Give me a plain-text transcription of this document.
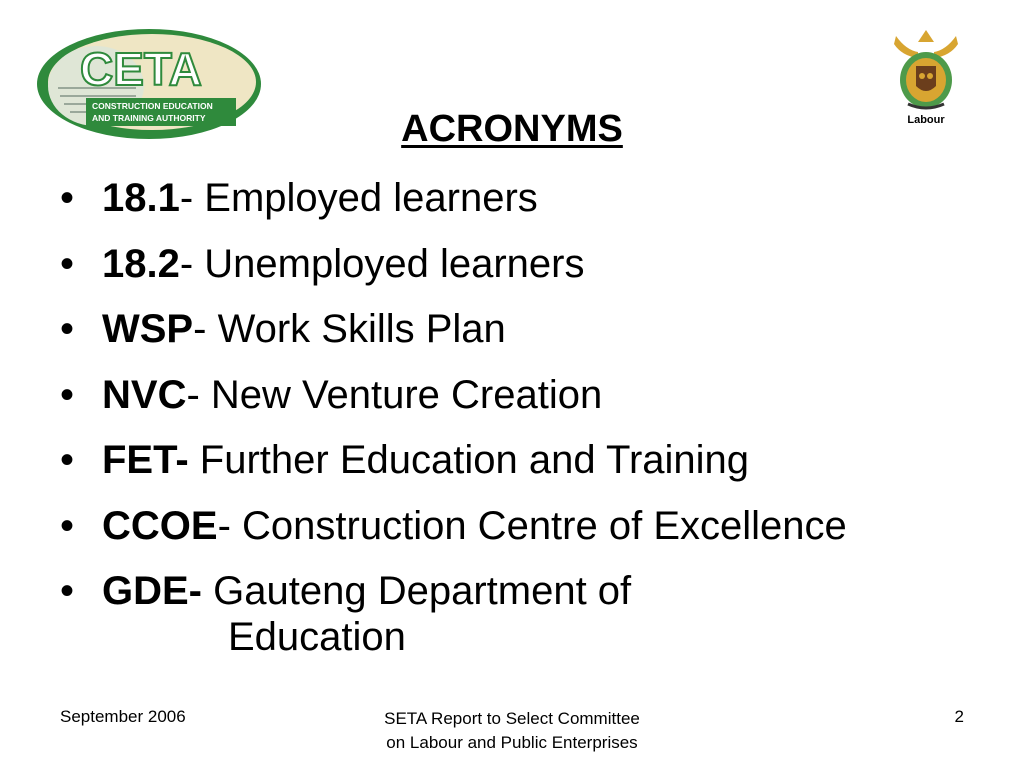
CETA
CONSTRUCTION EDUCATION
AND TRAINING AUTHORITY	Labour
ACRONYMS
• 18.1- Employed learners
• 18.2- Unemployed learners
• WSP- Work Skills Plan
• NVC- New Venture Creation
• FET- Further Education and Training
• CCOE- Construction Centre of Excellence
• GDE- Gauteng Department of
Education
September 2006	SETA Report to Select Committee
on Labour and Public Enterprises
2
